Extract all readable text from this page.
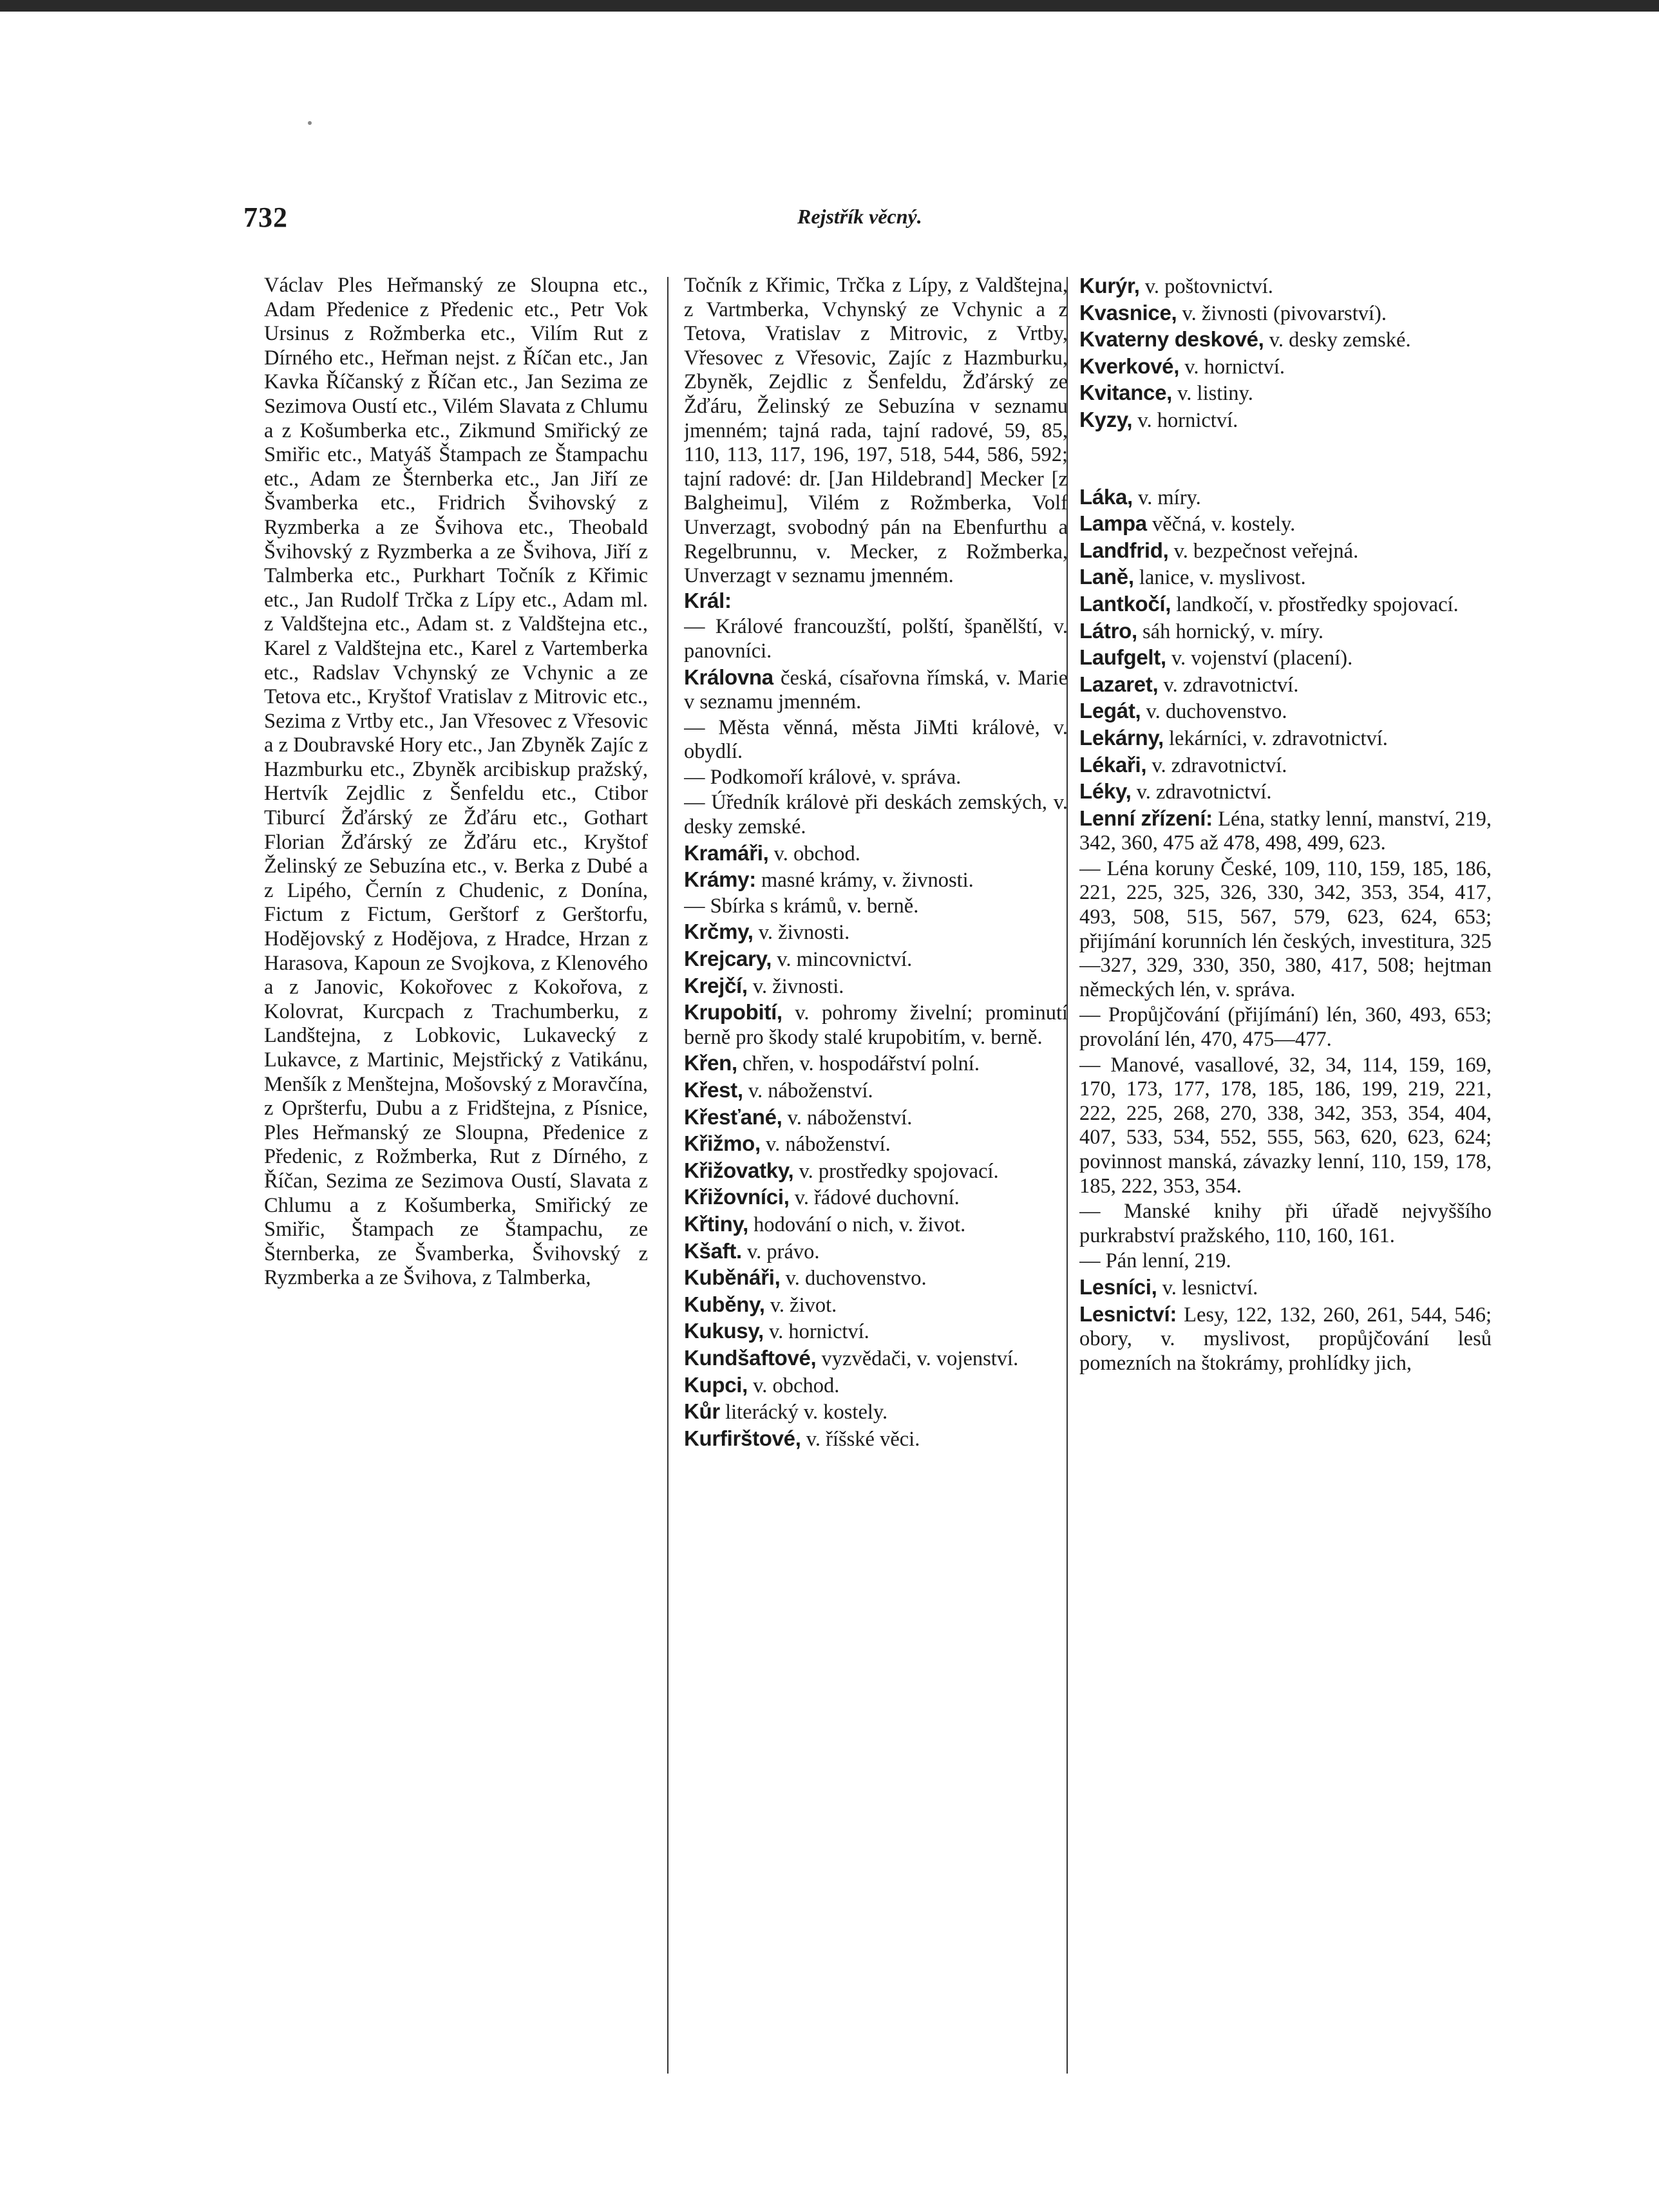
732	Rejstřík věcný.

Václav Ples Heřmanský ze Sloupna etc., Adam Předenice z Předenic etc., Petr Vok Ursinus z Rožmberka etc., Vilím Rut z Dírného etc., Heřman nejst. z Říčan etc., Jan Kavka Říčanský z Říčan etc., Jan Sezima ze Sezimova Oustí etc., Vilém Slavata z Chlumu a z Košumberka etc., Zikmund Smiřický ze Smiřic etc., Matyáš Štampach ze Štampachu etc., Adam ze Šternberka etc., Jan Jiří ze Švamberka etc., Fridrich Švihovský z Ryzmberka a ze Švihova etc., Theobald Švihovský z Ryzmberka a ze Švihova, Jiří z Talmberka etc., Purkhart Točník z Křimic etc., Jan Rudolf Trčka z Lípy etc., Adam ml. z Valdštejna etc., Adam st. z Valdštejna etc., Karel z Valdštejna etc., Karel z Vartemberka etc., Radslav Vchynský ze Vchynic a ze Tetova etc., Kryštof Vratislav z Mitrovic etc., Sezima z Vrtby etc., Jan Vřesovec z Vřesovic a z Doubravské Hory etc., Jan Zbyněk Zajíc z Hazmburku etc., Zbyněk arcibiskup pražský, Hertvík Zejdlic z Šenfeldu etc., Ctibor Tiburcí Žďárský ze Žďáru etc., Gothart Florian Žďárský ze Žďáru etc., Kryštof Želinský ze Sebuzína etc., v. Berka z Dubé a z Lipého, Černín z Chudenic, z Donína, Fictum z Fictum, Gerštorf z Gerštorfu, Hodějovský z Hodějova, z Hradce, Hrzan z Harasova, Kapoun ze Svojkova, z Klenového a z Janovic, Kokořovec z Kokořova, z Kolovrat, Kurcpach z Trachumberku, z Landštejna, z Lobkovic, Lukavecký z Lukavce, z Martinic, Mejstřický z Vatikánu, Menšík z Menštejna, Mošovský z Moravčína, z Opršterfu, Dubu a z Fridštejna, z Písnice, Ples Heřmanský ze Sloupna, Předenice z Předenic, z Rožmberka, Rut z Dírného, z Říčan, Sezima ze Sezimova Oustí, Slavata z Chlumu a z Košumberka, Smiřický ze Smiřic, Štampach ze Štampachu, ze Šternberka, ze Švamberka, Švihovský z Ryzmberka a ze Švihova, z Talmberka,

Točník z Křimic, Trčka z Lípy, z Valdštejna, z Vartmberka, Vchynský ze Vchynic a z Tetova, Vratislav z Mitrovic, z Vrtby, Vřesovec z Vřesovic, Zajíc z Hazmburku, Zbyněk, Zejdlic z Šenfeldu, Žďárský ze Žďáru, Želinský ze Sebuzína v seznamu jmenném; tajná rada, tajní radové, 59, 85, 110, 113, 117, 196, 197, 518, 544, 586, 592; tajní radové: dr. [Jan Hildebrand] Mecker [z Balgheimu], Vilém z Rožmberka, Volf Unverzagt, svobodný pán na Ebenfurthu a Regelbrunnu, v. Mecker, z Rožmberka, Unverzagt v seznamu jmenném.

Král:

— Králové francouzští, polští, španělští, v. panovníci.

Královna česká, císařovna římská, v. Marie v seznamu jmenném.

— Města věnná, města JiMti královė, v. obydlí.

— Podkomoří královė, v. správa.

— Úředník královė při deskách zemských, v. desky zemské.

Kramáři, v. obchod.

Krámy: masné krámy, v. živnosti.

— Sbírka s krámů, v. berně.

Krčmy, v. živnosti.

Krejcary, v. mincovnictví.

Krejčí, v. živnosti.

Krupobití, v. pohromy živelní; prominutí berně pro škody stalé krupobitím, v. berně.

Křen, chřen, v. hospodářství polní.

Křest, v. náboženství.

Křesťané, v. náboženství.

Křižmo, v. náboženství.

Křižovatky, v. prostředky spojovací.

Křižovníci, v. řádové duchovní.

Křtiny, hodování o nich, v. život.

Kšaft. v. právo.

Kuběnáři, v. duchovenstvo.

Kuběny, v. život.

Kukusy, v. hornictví.

Kundšaftové, vyzvědači, v. vojenství.

Kupci, v. obchod.

Kůr literácký v. kostely.

Kurfirštové, v. říšské věci.

Kurýr, v. poštovnictví.

Kvasnice, v. živnosti (pivovarství).

Kvaterny deskové, v. desky zemské.

Kverkové, v. hornictví.

Kvitance, v. listiny.

Kyzy, v. hornictví.

Láka, v. míry.

Lampa věčná, v. kostely.

Landfrid, v. bezpečnost veřejná.

Laně, lanice, v. myslivost.

Lantkočí, landkočí, v. přostředky spojovací.

Látro, sáh hornický, v. míry.

Laufgelt, v. vojenství (placení).

Lazaret, v. zdravotnictví.

Legát, v. duchovenstvo.

Lekárny, lekárníci, v. zdravotnictví.

Lékaři, v. zdravotnictví.

Léky, v. zdravotnictví.

Lenní zřízení: Léna, statky lenní, manství, 219, 342, 360, 475 až 478, 498, 499, 623.

— Léna koruny České, 109, 110, 159, 185, 186, 221, 225, 325, 326, 330, 342, 353, 354, 417, 493, 508, 515, 567, 579, 623, 624, 653; přijímání korunních lén českých, investitura, 325—327, 329, 330, 350, 380, 417, 508; hejtman německých lén, v. správa.

— Propůjčování (přijímání) lén, 360, 493, 653; provolání lén, 470, 475—477.

— Manové, vasallové, 32, 34, 114, 159, 169, 170, 173, 177, 178, 185, 186, 199, 219, 221, 222, 225, 268, 270, 338, 342, 353, 354, 404, 407, 533, 534, 552, 555, 563, 620, 623, 624; povinnost manská, závazky lenní, 110, 159, 178, 185, 222, 353, 354.

— Manské knihy při úřadě nejvyššího purkrabství pražského, 110, 160, 161.

— Pán lenní, 219.

Lesníci, v. lesnictví.

Lesnictví: Lesy, 122, 132, 260, 261, 544, 546; obory, v. myslivost, propůjčování lesů pomezních na štokrámy, prohlídky jich,
